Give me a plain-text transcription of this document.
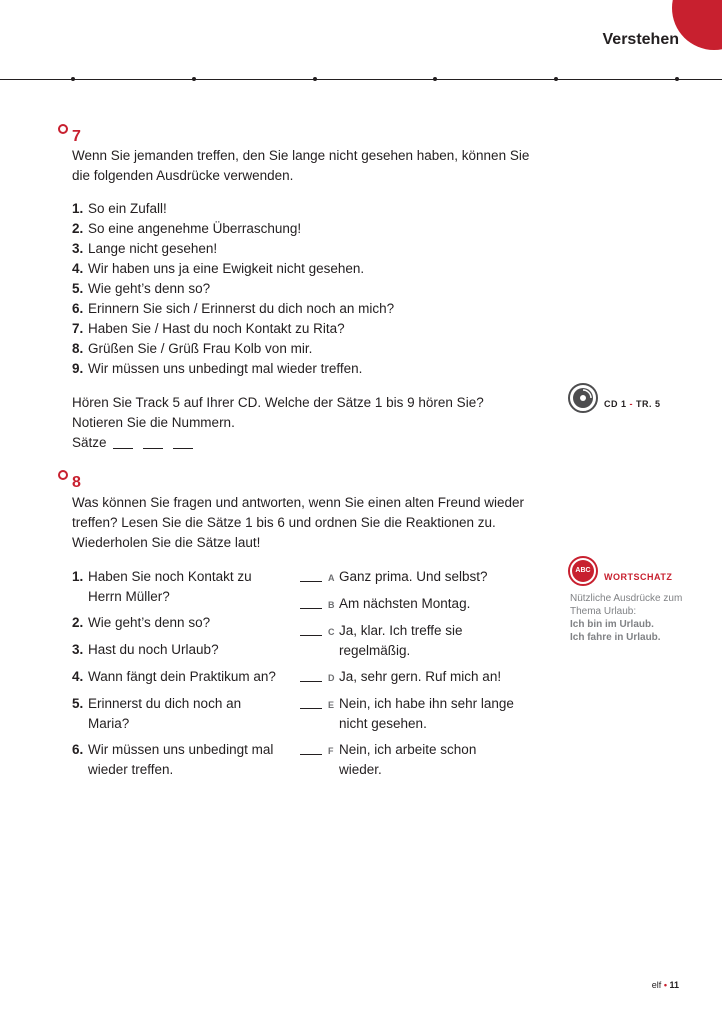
Verstehen
7

Wenn Sie jemanden treffen, den Sie lange nicht gesehen haben, können Sie die folgenden Ausdrücke verwenden.

1. So ein Zufall!
2. So eine angenehme Überraschung!
3. Lange nicht gesehen!
4. Wir haben uns ja eine Ewigkeit nicht gesehen.
5. Wie geht’s denn so?
6. Erinnern Sie sich / Erinnerst du dich noch an mich?
7. Haben Sie / Hast du noch Kontakt zu Rita?
8. Grüßen Sie / Grüß Frau Kolb von mir.
9. Wir müssen uns unbedingt mal wieder treffen.

Hören Sie Track 5 auf Ihrer CD. Welche der Sätze 1 bis 9 hören Sie? Notieren Sie die Nummern.

Sätze
CD 1 - TR. 5
8

Was können Sie fragen und antworten, wenn Sie einen alten Freund wieder treffen? Lesen Sie die Sätze 1 bis 6 und ordnen Sie die Reaktionen zu. Wiederholen Sie die Sätze laut!

1. Haben Sie noch Kontakt zu Herrn Müller?
2. Wie geht’s denn so?
3. Hast du noch Urlaub?
4. Wann fängt dein Praktikum an?
5. Erinnerst du dich noch an Maria?
6. Wir müssen uns unbedingt mal wieder treffen.
A Ganz prima. Und selbst?
B Am nächsten Montag.
C Ja, klar. Ich treffe sie regelmäßig.
D Ja, sehr gern. Ruf mich an!
E Nein, ich habe ihn sehr lange nicht gesehen.
F Nein, ich arbeite schon wieder.
ABC
WORTSCHATZ
Nützliche Ausdrücke zum Thema Urlaub:
Ich bin im Urlaub.
Ich fahre in Urlaub.
elf • 11
